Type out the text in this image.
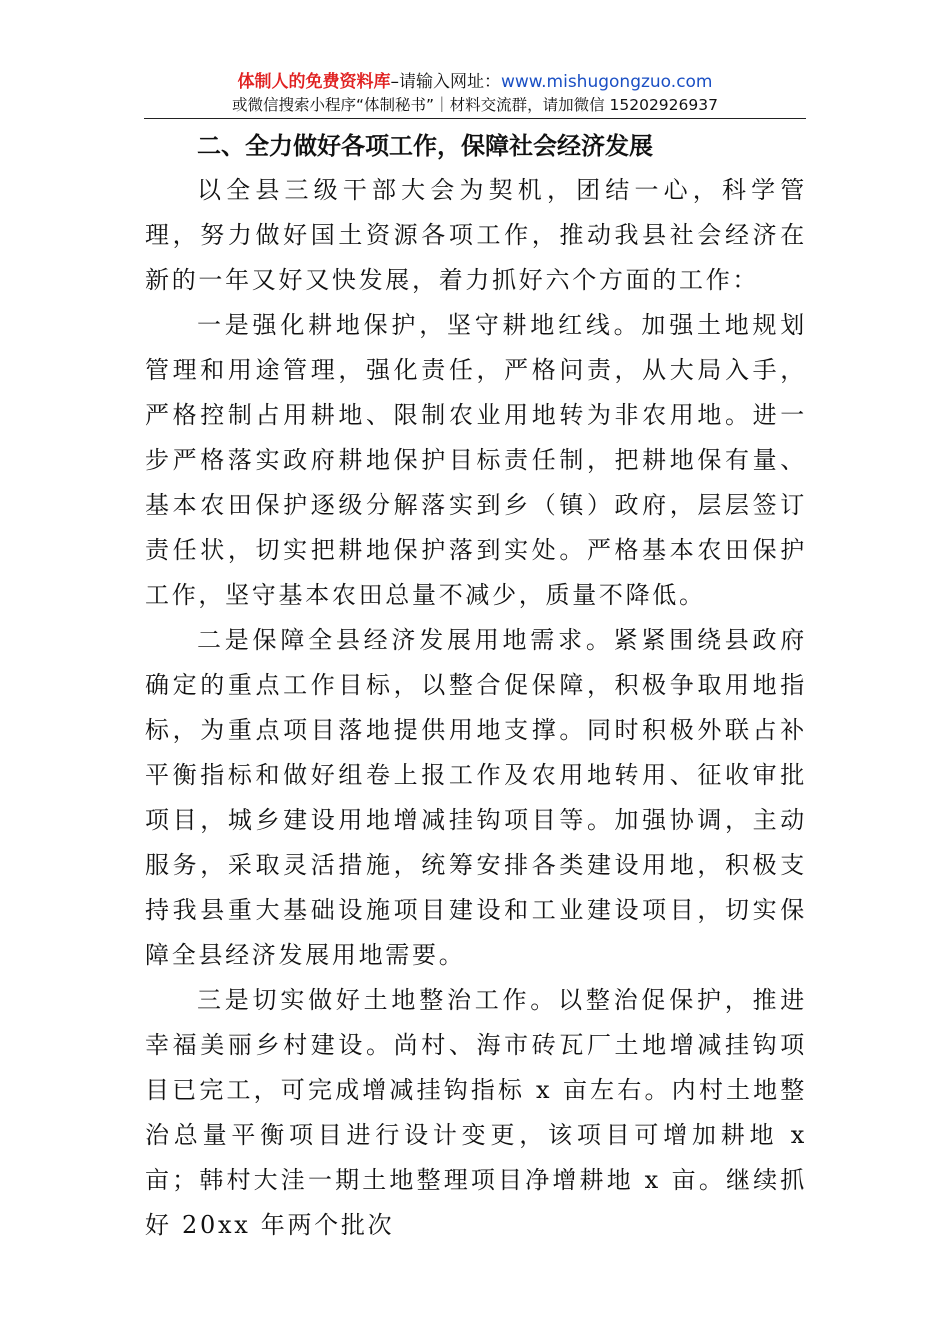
体制人的免费资料库–请输入网址：www.mishugongzuo.com
或微信搜索小程序“体制秘书”｜材料交流群，请加微信 15202926937
二、全力做好各项工作，保障社会经济发展

以全县三级干部大会为契机，团结一心，科学管理，努力做好国土资源各项工作，推动我县社会经济在新的一年又好又快发展，着力抓好六个方面的工作：

一是强化耕地保护，坚守耕地红线。加强土地规划管理和用途管理，强化责任，严格问责，从大局入手，严格控制占用耕地、限制农业用地转为非农用地。进一步严格落实政府耕地保护目标责任制，把耕地保有量、基本农田保护逐级分解落实到乡（镇）政府，层层签订责任状，切实把耕地保护落到实处。严格基本农田保护工作，坚守基本农田总量不减少，质量不降低。

二是保障全县经济发展用地需求。紧紧围绕县政府确定的重点工作目标，以整合促保障，积极争取用地指标，为重点项目落地提供用地支撑。同时积极外联占补平衡指标和做好组卷上报工作及农用地转用、征收审批项目，城乡建设用地增减挂钩项目等。加强协调，主动服务，采取灵活措施，统筹安排各类建设用地，积极支持我县重大基础设施项目建设和工业建设项目，切实保障全县经济发展用地需要。

三是切实做好土地整治工作。以整治促保护，推进幸福美丽乡村建设。尚村、海市砖瓦厂土地增减挂钩项目已完工，可完成增减挂钩指标 x 亩左右。内村土地整治总量平衡项目进行设计变更，该项目可增加耕地 x 亩；韩村大洼一期土地整理项目净增耕地 x 亩。继续抓好 20xx 年两个批次
